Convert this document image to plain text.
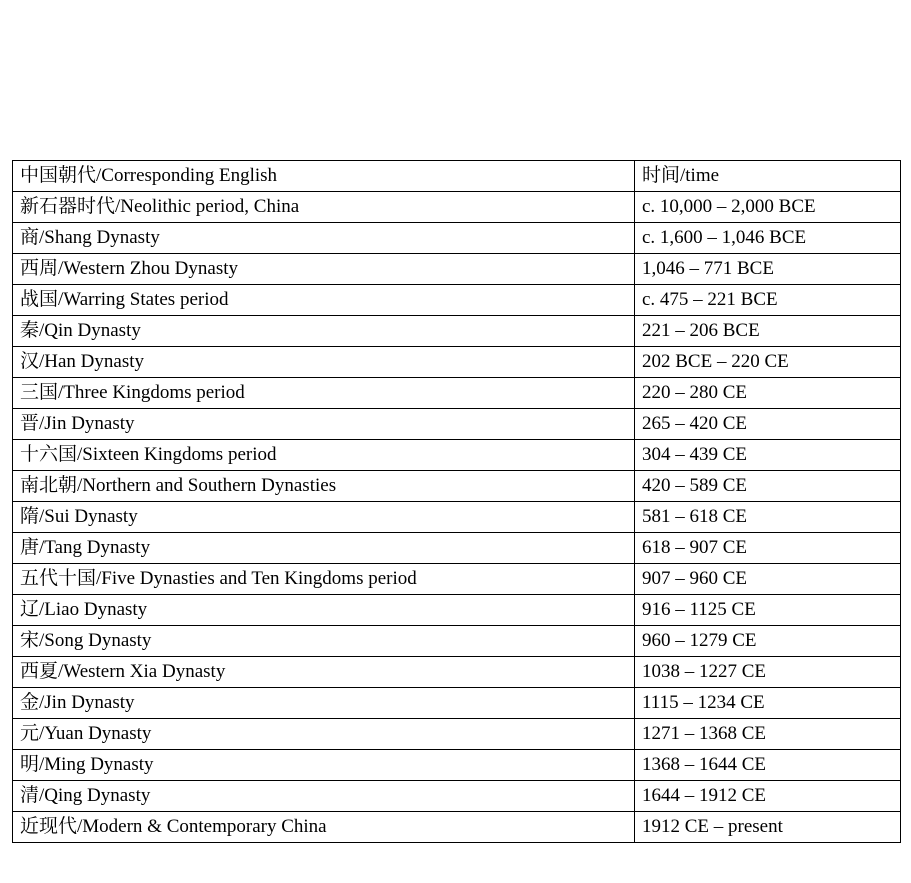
中国朝代/Corresponding English	时间/time
新石器时代/Neolithic period, China	c. 10,000 – 2,000 BCE
商/Shang Dynasty	c. 1,600 – 1,046 BCE
西周/Western Zhou Dynasty	1,046 – 771 BCE
战国/Warring States period	c. 475 – 221 BCE
秦/Qin Dynasty	221 – 206 BCE
汉/Han Dynasty	202 BCE – 220 CE
三国/Three Kingdoms period	220 – 280 CE
晋/Jin Dynasty	265 – 420 CE
十六国/Sixteen Kingdoms period	304 – 439 CE
南北朝/Northern and Southern Dynasties	420 – 589 CE
隋/Sui Dynasty	581 – 618 CE
唐/Tang Dynasty	618 – 907 CE
五代十国/Five Dynasties and Ten Kingdoms period	907 – 960 CE
辽/Liao Dynasty	916 – 1125 CE
宋/Song Dynasty	960 – 1279 CE
西夏/Western Xia Dynasty	1038 – 1227 CE
金/Jin Dynasty	1115 – 1234 CE
元/Yuan Dynasty	1271 – 1368 CE
明/Ming Dynasty	1368 – 1644 CE
清/Qing Dynasty	1644 – 1912 CE
近现代/Modern & Contemporary China	1912 CE – present
